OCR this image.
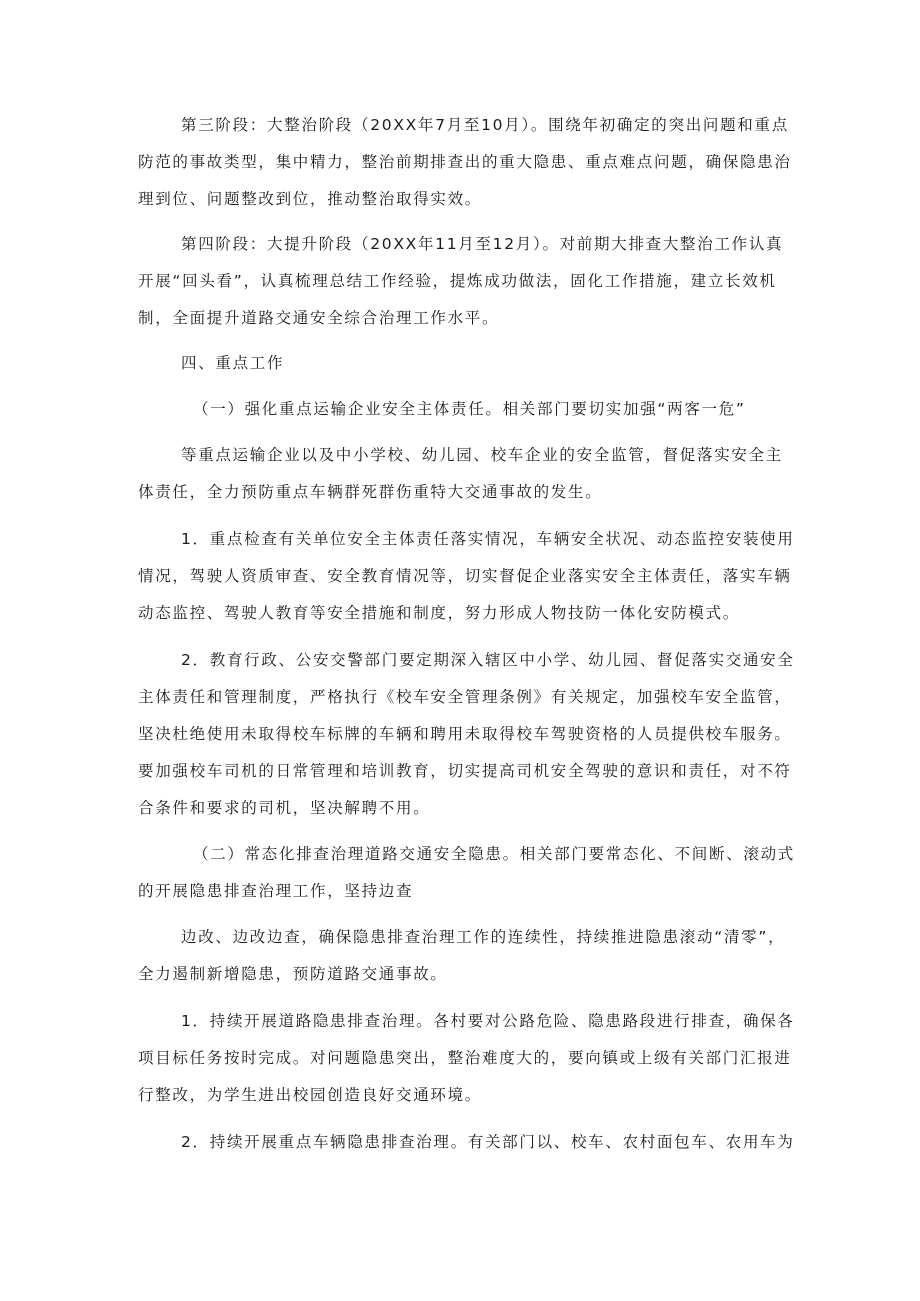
第三阶段：大整治阶段（20XX年7月至10月）。围绕年初确定的突出问题和重点
防范的事故类型，集中精力，整治前期排查出的重大隐患、重点难点问题，确保隐患治
理到位、问题整改到位，推动整治取得实效。
第四阶段：大提升阶段（20XX年11月至12月）。对前期大排查大整治工作认真
开展“回头看”，认真梳理总结工作经验，提炼成功做法，固化工作措施，建立长效机
制，全面提升道路交通安全综合治理工作水平。
四、重点工作
（一）强化重点运输企业安全主体责任。相关部门要切实加强“两客一危”
等重点运输企业以及中小学校、幼儿园、校车企业的安全监管，督促落实安全主
体责任，全力预防重点车辆群死群伤重特大交通事故的发生。
1．重点检查有关单位安全主体责任落实情况，车辆安全状况、动态监控安装使用
情况，驾驶人资质审查、安全教育情况等，切实督促企业落实安全主体责任，落实车辆
动态监控、驾驶人教育等安全措施和制度，努力形成人物技防一体化安防模式。
2．教育行政、公安交警部门要定期深入辖区中小学、幼儿园、督促落实交通安全
主体责任和管理制度，严格执行《校车安全管理条例》有关规定，加强校车安全监管，
坚决杜绝使用未取得校车标牌的车辆和聘用未取得校车驾驶资格的人员提供校车服务。
要加强校车司机的日常管理和培训教育，切实提高司机安全驾驶的意识和责任，对不符
合条件和要求的司机，坚决解聘不用。
（二）常态化排查治理道路交通安全隐患。相关部门要常态化、不间断、滚动式
的开展隐患排查治理工作，坚持边查
边改、边改边查，确保隐患排查治理工作的连续性，持续推进隐患滚动“清零”，
全力遏制新增隐患，预防道路交通事故。
1．持续开展道路隐患排查治理。各村要对公路危险、隐患路段进行排查，确保各
项目标任务按时完成。对问题隐患突出，整治难度大的，要向镇或上级有关部门汇报进
行整改，为学生进出校园创造良好交通环境。
2．持续开展重点车辆隐患排查治理。有关部门以、校车、农村面包车、农用车为
